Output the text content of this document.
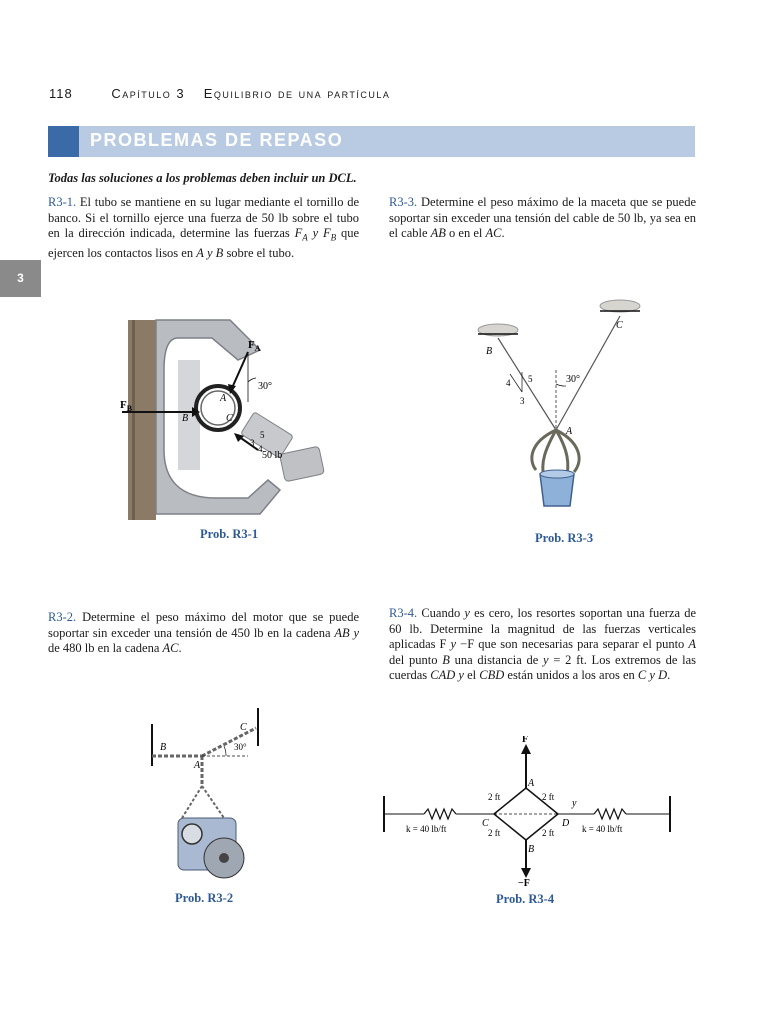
118	Capítulo 3 Equilibrio de una partícula
PROBLEMAS DE REPASO
3
Todas las soluciones a los problemas deben incluir un DCL.
R3-1. El tubo se mantiene en su lugar mediante el tornillo de banco. Si el tornillo ejerce una fuerza de 50 lb sobre el tubo en la dirección indicada, determine las fuerzas $F_A$ y $F_B$ que ejercen los contactos lisos en A y B sobre el tubo.
R3-3. Determine el peso máximo de la maceta que se puede soportar sin exceder una tensión del cable de 50 lb, ya sea en el cable AB o en el AC.
R3-2. Determine el peso máximo del motor que se puede soportar sin exceder una tensión de 450 lb en la cadena AB y de 480 lb en la cadena AC.
R3-4. Cuando y es cero, los resortes soportan una fuerza de 60 lb. Determine la magnitud de las fuerzas verticales aplicadas F y −F que son necesarias para separar el punto A del punto B una distancia de y = 2 ft. Los extremos de las cuerdas CAD y el CBD están unidos a los aros en C y D.
$F_A$
$F_B$
30°
A
B	C
5
3
4
50 lb
Prob. R3-1
B
C
A
4 5
3
30°
Prob. R3-3
B
C
A
30°
Prob. R3-2
F
−F
A
B
C	D
y
2 ft	2 ft
2 ft	2 ft
k = 40 lb/ft	k = 40 lb/ft
Prob. R3-4
